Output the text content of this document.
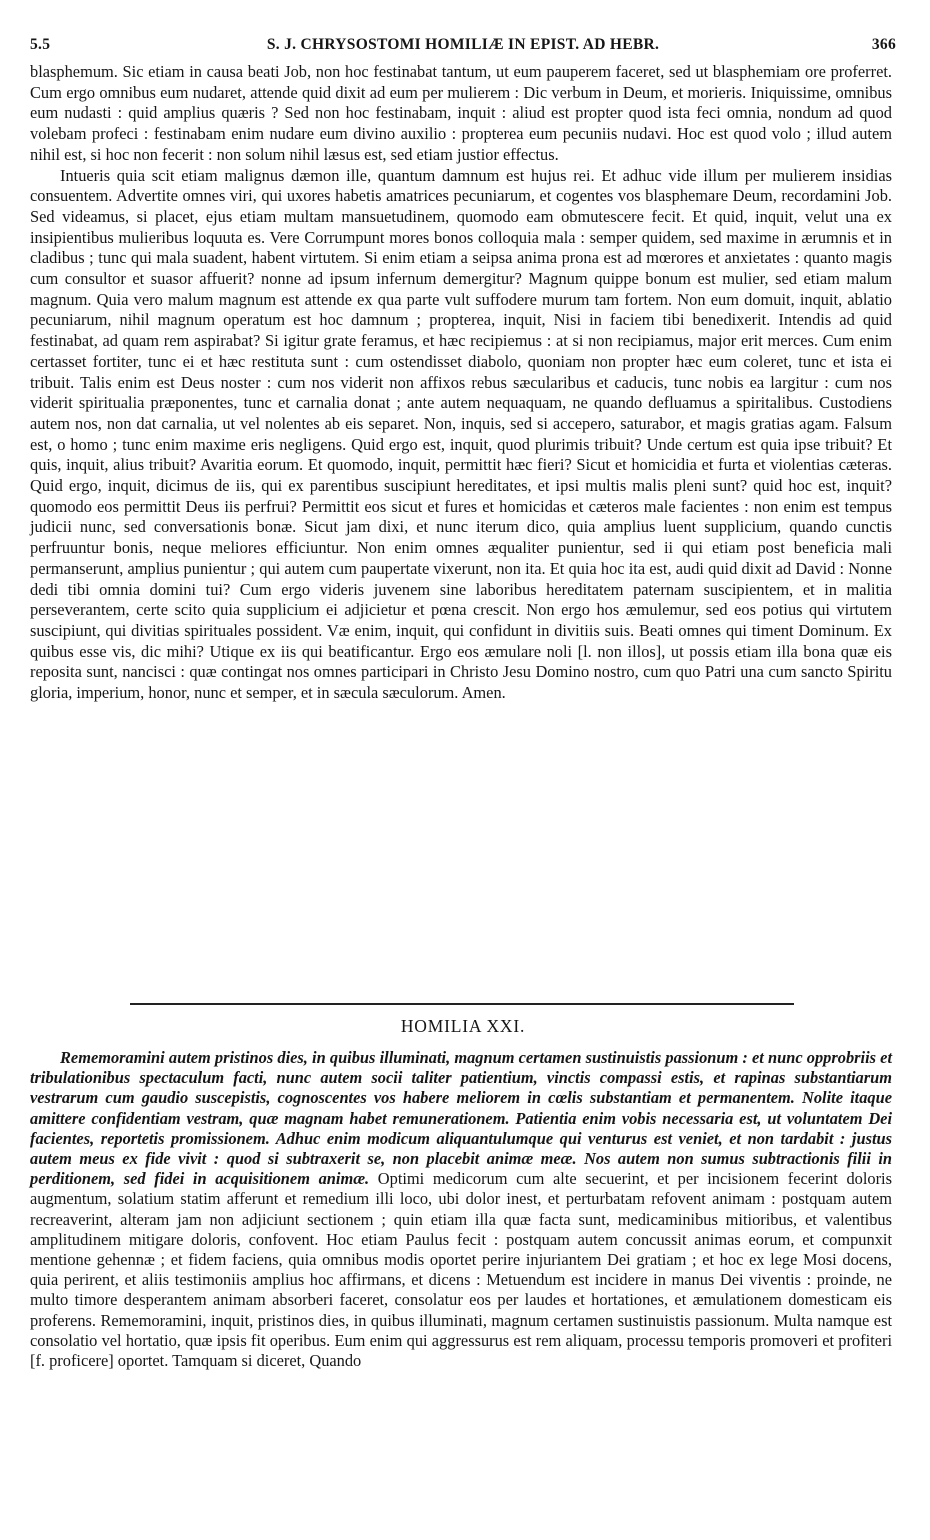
5.5	S. J. CHRYSOSTOMI HOMILIÆ IN EPIST. AD HEBR.	366

blasphemum. Sic etiam in causa beati Job, non hoc festinabat tantum, ut eum pauperem faceret, sed ut blasphemiam ore proferret. Cum ergo omnibus eum nudaret, attende quid dixit ad eum per mulierem : Dic verbum in Deum, et morieris. Iniquissime, omnibus eum nudasti : quid amplius quæris ? Sed non hoc festinabam, inquit : aliud est propter quod ista feci omnia, nondum ad quod volebam profeci : festinabam enim nudare eum divino auxilio : propterea eum pecuniis nudavi. Hoc est quod volo ; illud autem nihil est, si hoc non fecerit : non solum nihil læsus est, sed etiam justior effectus.

Intueris quia scit etiam malignus dæmon ille, quantum damnum est hujus rei. Et adhuc vide illum per mulierem insidias consuentem. Advertite omnes viri, qui uxores habetis amatrices pecuniarum, et cogentes vos blasphemare Deum, recordamini Job. Sed videamus, si placet, ejus etiam multam mansuetudinem, quomodo eam obmutescere fecit. Et quid, inquit, velut una ex insipientibus mulieribus loquuta es. Vere Corrumpunt mores bonos colloquia mala : semper quidem, sed maxime in ærumnis et in cladibus ; tunc qui mala suadent, habent virtutem. Si enim etiam a seipsa anima prona est ad mœrores et anxietates : quanto magis cum consultor et suasor affuerit? nonne ad ipsum infernum demergitur? Magnum quippe bonum est mulier, sed etiam malum magnum. Quia vero malum magnum est attende ex qua parte vult suffodere murum tam fortem. Non eum domuit, inquit, ablatio pecuniarum, nihil magnum operatum est hoc damnum ; propterea, inquit, Nisi in faciem tibi benedixerit. Intendis ad quid festinabat, ad quam rem aspirabat? Si igitur grate feramus, et hæc recipiemus : at si non recipiamus, major erit merces. Cum enim certasset fortiter, tunc ei et hæc restituta sunt : cum ostendisset diabolo, quoniam non propter hæc eum coleret, tunc et ista ei tribuit. Talis enim est Deus noster : cum nos viderit non affixos rebus sæcularibus et caducis, tunc nobis ea largitur : cum nos viderit spiritualia præponentes, tunc et carnalia donat ; ante autem nequaquam, ne quando defluamus a spiritalibus. Custodiens autem nos, non dat carnalia, ut vel nolentes ab eis separet. Non, inquis, sed si accepero, saturabor, et magis gratias agam. Falsum est, o homo ; tunc enim maxime eris negligens. Quid ergo est, inquit, quod plurimis tribuit? Unde certum est quia ipse tribuit? Et quis, inquit, alius tribuit? Avaritia eorum. Et quomodo, inquit, permittit hæc fieri? Sicut et homicidia et furta et violentias cæteras. Quid ergo, inquit, dicimus de iis, qui ex parentibus suscipiunt hereditates, et ipsi multis malis pleni sunt? quid hoc est, inquit? quomodo eos permittit Deus iis perfrui? Permittit eos sicut et fures et homicidas et cæteros male facientes : non enim est tempus judicii nunc, sed conversationis bonæ. Sicut jam dixi, et nunc iterum dico, quia amplius luent supplicium, quando cunctis perfruuntur bonis, neque meliores efficiuntur. Non enim omnes æqualiter punientur, sed ii qui etiam post beneficia mali permanserunt, amplius punientur ; qui autem cum paupertate vixerunt, non ita. Et quia hoc ita est, audi quid dixit ad David : Nonne dedi tibi omnia domini tui? Cum ergo videris juvenem sine laboribus hereditatem paternam suscipientem, et in malitia perseverantem, certe scito quia supplicium ei adjicietur et pœna crescit. Non ergo hos æmulemur, sed eos potius qui virtutem suscipiunt, qui divitias spirituales possident. Væ enim, inquit, qui confidunt in divitiis suis. Beati omnes qui timent Dominum. Ex quibus esse vis, dic mihi? Utique ex iis qui beatificantur. Ergo eos æmulare noli [l. non illos], ut possis etiam illa bona quæ eis reposita sunt, nancisci : quæ contingat nos omnes participari in Christo Jesu Domino nostro, cum quo Patri una cum sancto Spiritu gloria, imperium, honor, nunc et semper, et in sæcula sæculorum. Amen.

HOMILIA XXI.

Rememoramini autem pristinos dies, in quibus illuminati, magnum certamen sustinuistis passionum : et nunc opprobriis et tribulationibus spectaculum facti, nunc autem socii taliter patientium, vinctis compassi estis, et rapinas substantiarum vestrarum cum gaudio suscepistis, cognoscentes vos habere meliorem in cœlis substantiam et permanentem. Nolite itaque amittere confidentiam vestram, quæ magnam habet remunerationem. Patientia enim vobis necessaria est, ut voluntatem Dei facientes, reportetis promissionem. Adhuc enim modicum aliquantulumque qui venturus est veniet, et non tardabit : justus autem meus ex fide vivit : quod si subtraxerit se, non placebit animæ meæ. Nos autem non sumus subtractionis filii in perditionem, sed fidei in acquisitionem animæ. Optimi medicorum cum alte secuerint, et per incisionem fecerint doloris augmentum, solatium statim afferunt et remedium illi loco, ubi dolor inest, et perturbatam refovent animam : postquam autem recreaverint, alteram jam non adjiciunt sectionem ; quin etiam illa quæ facta sunt, medicaminibus mitioribus, et valentibus amplitudinem mitigare doloris, confovent. Hoc etiam Paulus fecit : postquam autem concussit animas eorum, et compunxit mentione gehennæ ; et fidem faciens, quia omnibus modis oportet perire injuriantem Dei gratiam ; et hoc ex lege Mosi docens, quia perirent, et aliis testimoniis amplius hoc affirmans, et dicens : Metuendum est incidere in manus Dei viventis : proinde, ne multo timore desperantem animam absorberi faceret, consolatur eos per laudes et hortationes, et æmulationem domesticam eis proferens. Rememoramini, inquit, pristinos dies, in quibus illuminati, magnum certamen sustinuistis passionum. Multa namque est consolatio vel hortatio, quæ ipsis fit operibus. Eum enim qui aggressurus est rem aliquam, processu temporis promoveri et profiteri [f. proficere] oportet. Tamquam si diceret, Quando
